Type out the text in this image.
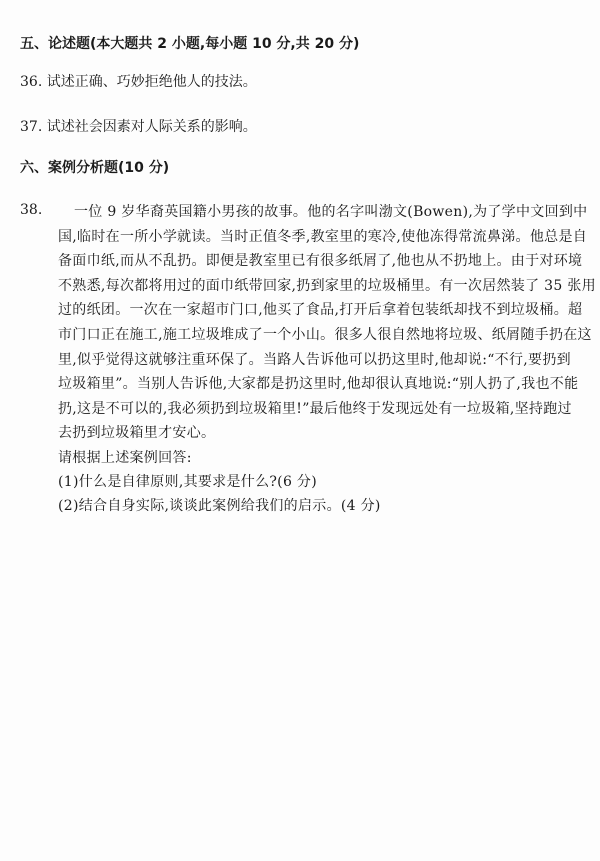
五、论述题(本大题共 2 小题,每小题 10 分,共 20 分)
36. 试述正确、巧妙拒绝他人的技法。
37. 试述社会因素对人际关系的影响。
六、案例分析题(10 分)
38.	一位 9 岁华裔英国籍小男孩的故事。他的名字叫渤文(Bowen),为了学中文回到中
国,临时在一所小学就读。当时正值冬季,教室里的寒冷,使他冻得常流鼻涕。他总是自
备面巾纸,而从不乱扔。即便是教室里已有很多纸屑了,他也从不扔地上。由于对环境
不熟悉,每次都将用过的面巾纸带回家,扔到家里的垃圾桶里。有一次居然装了 35 张用
过的纸团。一次在一家超市门口,他买了食品,打开后拿着包装纸却找不到垃圾桶。超
市门口正在施工,施工垃圾堆成了一个小山。很多人很自然地将垃圾、纸屑随手扔在这
里,似乎觉得这就够注重环保了。当路人告诉他可以扔这里时,他却说:“不行,要扔到
垃圾箱里”。当别人告诉他,大家都是扔这里时,他却很认真地说:“别人扔了,我也不能
扔,这是不可以的,我必须扔到垃圾箱里!”最后他终于发现远处有一垃圾箱,坚持跑过
去扔到垃圾箱里才安心。
请根据上述案例回答:
(1)什么是自律原则,其要求是什么?(6 分)
(2)结合自身实际,谈谈此案例给我们的启示。(4 分)
